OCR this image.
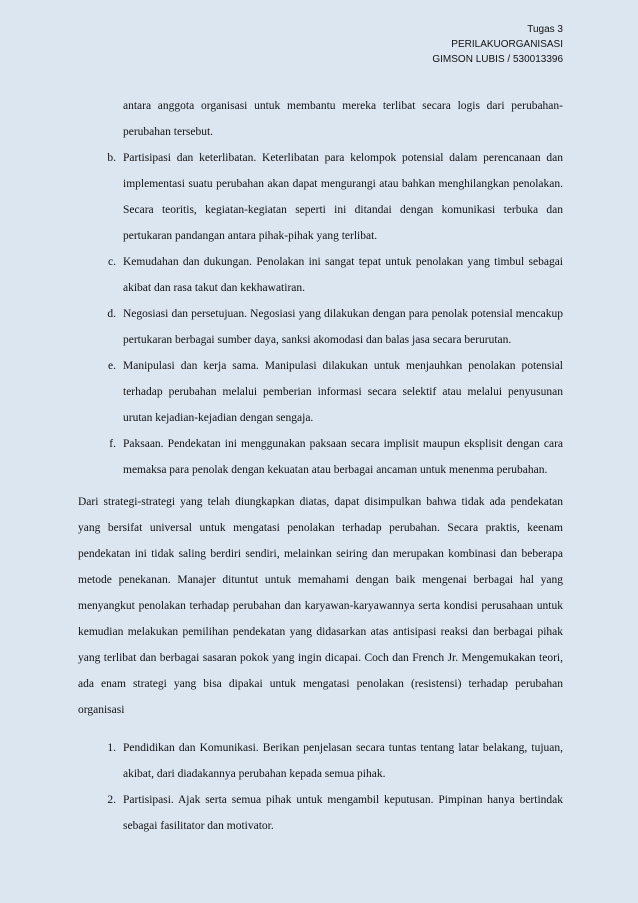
Tugas 3
PERILAKUORGANISASI
GIMSON LUBIS / 530013396

antara anggota organisasi untuk membantu mereka terlibat secara logis dari perubahan-perubahan tersebut.

b. Partisipasi dan keterlibatan. Keterlibatan para kelompok potensial dalam perencanaan dan implementasi suatu perubahan akan dapat mengurangi atau bahkan menghilangkan penolakan. Secara teoritis, kegiatan-kegiatan seperti ini ditandai dengan komunikasi terbuka dan pertukaran pandangan antara pihak-pihak yang terlibat.
c. Kemudahan dan dukungan. Penolakan ini sangat tepat untuk penolakan yang timbul sebagai akibat dan rasa takut dan kekhawatiran.
d. Negosiasi dan persetujuan. Negosiasi yang dilakukan dengan para penolak potensial mencakup pertukaran berbagai sumber daya, sanksi akomodasi dan balas jasa secara berurutan.
e. Manipulasi dan kerja sama. Manipulasi dilakukan untuk menjauhkan penolakan potensial terhadap perubahan melalui pemberian informasi secara selektif atau melalui penyusunan urutan kejadian-kejadian dengan sengaja.
f. Paksaan. Pendekatan ini menggunakan paksaan secara implisit maupun eksplisit dengan cara memaksa para penolak dengan kekuatan atau berbagai ancaman untuk menenma perubahan.

Dari strategi-strategi yang telah diungkapkan diatas, dapat disimpulkan bahwa tidak ada pendekatan yang bersifat universal untuk mengatasi penolakan terhadap perubahan. Secara praktis, keenam pendekatan ini tidak saling berdiri sendiri, melainkan seiring dan merupakan kombinasi dan beberapa metode penekanan. Manajer dituntut untuk memahami dengan baik mengenai berbagai hal yang menyangkut penolakan terhadap perubahan dan karyawan-karyawannya serta kondisi perusahaan untuk kemudian melakukan pemilihan pendekatan yang didasarkan atas antisipasi reaksi dan berbagai pihak yang terlibat dan berbagai sasaran pokok yang ingin dicapai. Coch dan French Jr. Mengemukakan teori, ada enam strategi yang bisa dipakai untuk mengatasi penolakan (resistensi) terhadap perubahan organisasi

1. Pendidikan dan Komunikasi. Berikan penjelasan secara tuntas tentang latar belakang, tujuan, akibat, dari diadakannya perubahan kepada semua pihak.
2. Partisipasi. Ajak serta semua pihak untuk mengambil keputusan. Pimpinan hanya bertindak sebagai fasilitator dan motivator.
